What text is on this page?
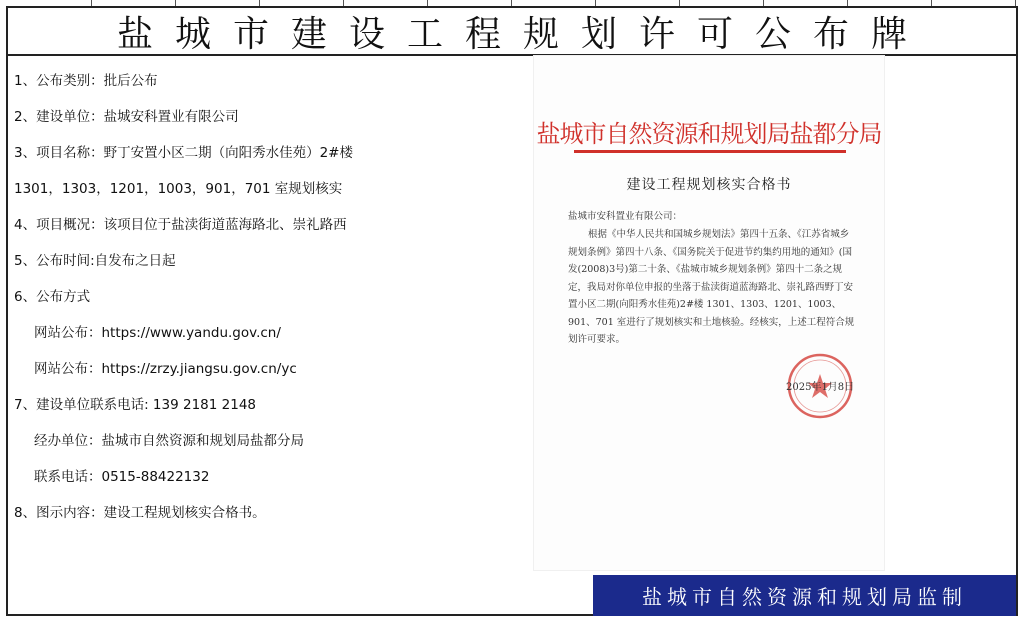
盐城市建设工程规划许可公布牌
1、公布类别：批后公布
2、建设单位：盐城安科置业有限公司
3、项目名称：野丁安置小区二期（向阳秀水佳苑）2#楼
1301，1303，1201，1003，901，701 室规划核实
4、项目概况：该项目位于盐渎街道蓝海路北、崇礼路西
5、公布时间:自发布之日起
6、公布方式
网站公布：https://www.yandu.gov.cn/
网站公布：https://zrzy.jiangsu.gov.cn/yc
7、建设单位联系电话: 139 2181 2148
经办单位：盐城市自然资源和规划局盐都分局
联系电话：0515-88422132
8、图示内容：建设工程规划核实合格书。
盐城市自然资源和规划局盐都分局
建设工程规划核实合格书
盐城市安科置业有限公司：
根据《中华人民共和国城乡规划法》第四十五条、《江苏省城乡规划条例》第四十八条、《国务院关于促进节约集约用地的通知》(国发(2008)3号)第二十条、《盐城市城乡规划条例》第四十二条之规定，我局对你单位申报的坐落于盐渎街道蓝海路北、崇礼路西野丁安置小区二期(向阳秀水佳苑)2#楼 1301、1303、1201、1003、901、701 室进行了规划核实和土地核验。经核实，上述工程符合规划许可要求。
2025年1月8日
盐城市自然资源和规划局监制
